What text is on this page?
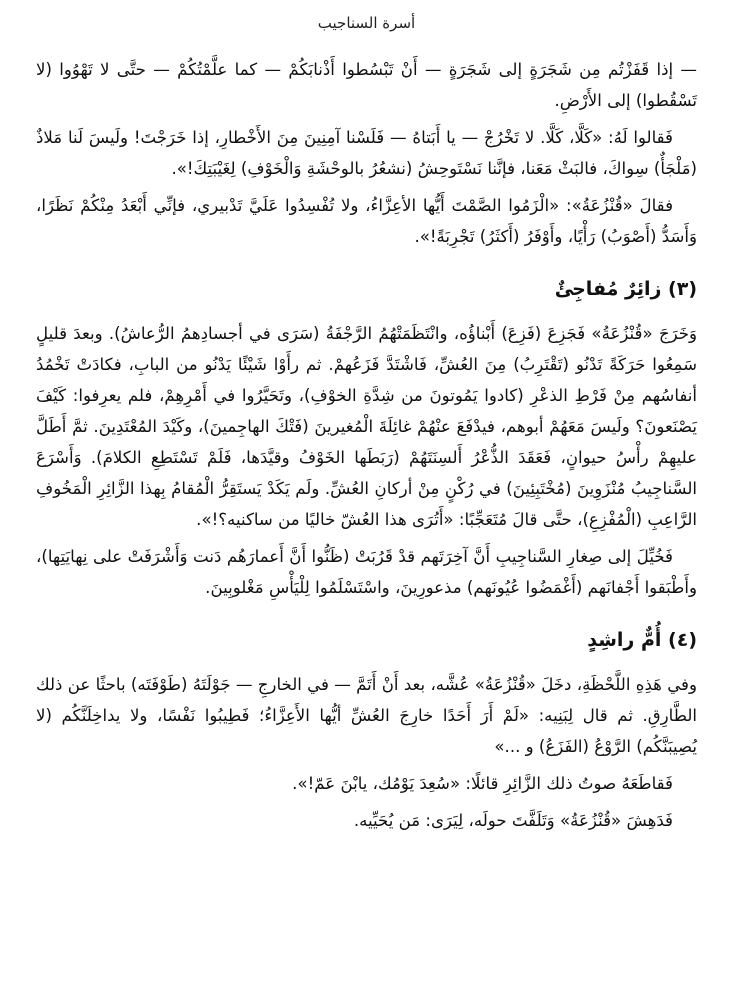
أسرة السناجيب

— إذا قَفَزْتُم مِن شَجَرَةٍ إلى شَجَرَةٍ — أَنْ تَبْسُطوا أَذْنابَكُمْ — كما علَّمْتُكُمْ — حتَّى لا تَهْوُوا (لا تَسْقُطوا) إلى الأَرْضِ.

فَقالوا لَهُ: «كَلَّا، كَلَّا. لا تَخْرُجْ — يا أَبَتاهُ — فَلَسْنا آمِنِينَ مِنَ الأَخْطارِ، إذا خَرَجْتَ! ولَيسَ لَنا مَلاذٌ (مَلْجَأٌ) سِواكَ، فالبَثْ مَعَنا، فإنَّنا نَسْتَوحِشُ (نشعُرُ بالوحْشَةِ وَالْخَوْفِ) لِغَيْبَتِكَ!».

فقالَ «قُنْزُعَةُ»: «الْزَمُوا الصَّمْتَ أَيُّها الأعِزَّاءُ، ولا تُفْسِدُوا عَلَيَّ تَدْبيري، فإنِّي أَبْعَدُ مِنْكُمْ نَظَرًا، وَأَسَدُّ (أَصْوَبُ) رَأْيًا، وأَوْفَرُ (أَكثَرُ) تَجْرِبَةً!».

(٣) زائِرٌ مُفاجِئٌ

وَخَرَجَ «قُنْزُعَةُ» فَجَزِعَ (فَزِعَ) أَبْناؤُه، وانْتَظَمَتْهُمُ الرَّجْفَةُ (سَرَى في أجسادِهمُ الرُّعاشُ). وبعدَ قليلٍ سَمِعُوا حَرَكَةً تَدْنُو (تَقْتَرِبُ) مِنَ العُشِّ، فَاشْتَدَّ فَزَعُهمْ. ثم رأَوْا شَيْئًا يَدْنُو من البابِ، فكادَتْ تَخْمُدُ أنفاسُهم مِنْ فَرْطِ الذعْرِ (كادوا يَمُوتونَ من شِدَّةِ الخوْفِ)، وتَحَيَّرُوا في أَمْرِهِمْ، فلم يعرِفوا: كَيْفَ يَصْنَعونَ؟ ولَيسَ مَعَهُمْ أبوهم، فيدْفَعَ عنْهُمْ غائِلَةَ الْمُغيرينَ (فَتْكَ الهاجِمينَ)، وكَيْدَ المُعْتَدِينَ. ثمَّ أَطَلَّ عليهِمْ رأْسُ حيوانٍ، فَعَقَدَ الذُّعْرُ أَلسِنَتَهُمْ (رَبَطَها الخَوْفُ وقيَّدَها، فَلَمْ تَسْتَطِعِ الكلامَ). وَأَسْرَعَ السَّناجِيبُ مُنْزَوِينَ (مُخْتَبِئِينَ) في رُكْنٍ مِنْ أركانِ العُشِّ. ولَم يَكَدْ يَستَقِرُّ الْمُقامُ بِهذا الزَّائِرِ الْمَخُوفِ الرَّاعِبِ (الْمُفْزِعِ)، حتَّى قالَ مُتَعَجِّبًا: «أَتُرَى هذا العُشّ خاليًا من ساكنيه؟!».

فَخُيِّلَ إلى صِغارِ السَّناجِيبِ أَنَّ آخِرَتَهم قدْ قَرُبَتْ (ظَنُّوا أَنَّ أَعمارَهُم دَنت وَأَشْرَفَتْ على نِهايَتِها)، وأَطْبَقوا أَجْفانَهم (أَغْمَضُوا عُيُونَهم) مذعورِينَ، واسْتَسْلَمُوا لِلْيَأْسِ مَغْلوبِينَ.

(٤) أُمٌّ راشِدٍ

وفي هَذِهِ اللَّحْظَةِ، دخَلَ «قُنْزُعَةُ» عُشَّه، بعد أَنْ أَتَمَّ — في الخارجِ — جَوْلَتَهُ (طَوْفَتَه) باحثًا عن ذلك الطَّارِقِ. ثم قال لِبَنِيه: «لَمْ أَرَ أَحَدًا خارِجَ العُشِّ أيُّها الأَعِزَّاءُ؛ فَطِيبُوا نَفْسًا، ولا يداخِلَنَّكُم (لا يُصِيبَنَّكُم) الرَّوْعُ (الفَزَعُ) و ...»

فَقاطَعَهُ صوتُ ذلك الزَّائِرِ قائلًا: «سُعِدَ يَوْمُك، يابْنَ عَمّ!».

فَدَهِشَ «قُنْزُعَةُ» وَتَلَفَّتَ حولَه، لِيَرَى: مَن يُحَيِّيه.
